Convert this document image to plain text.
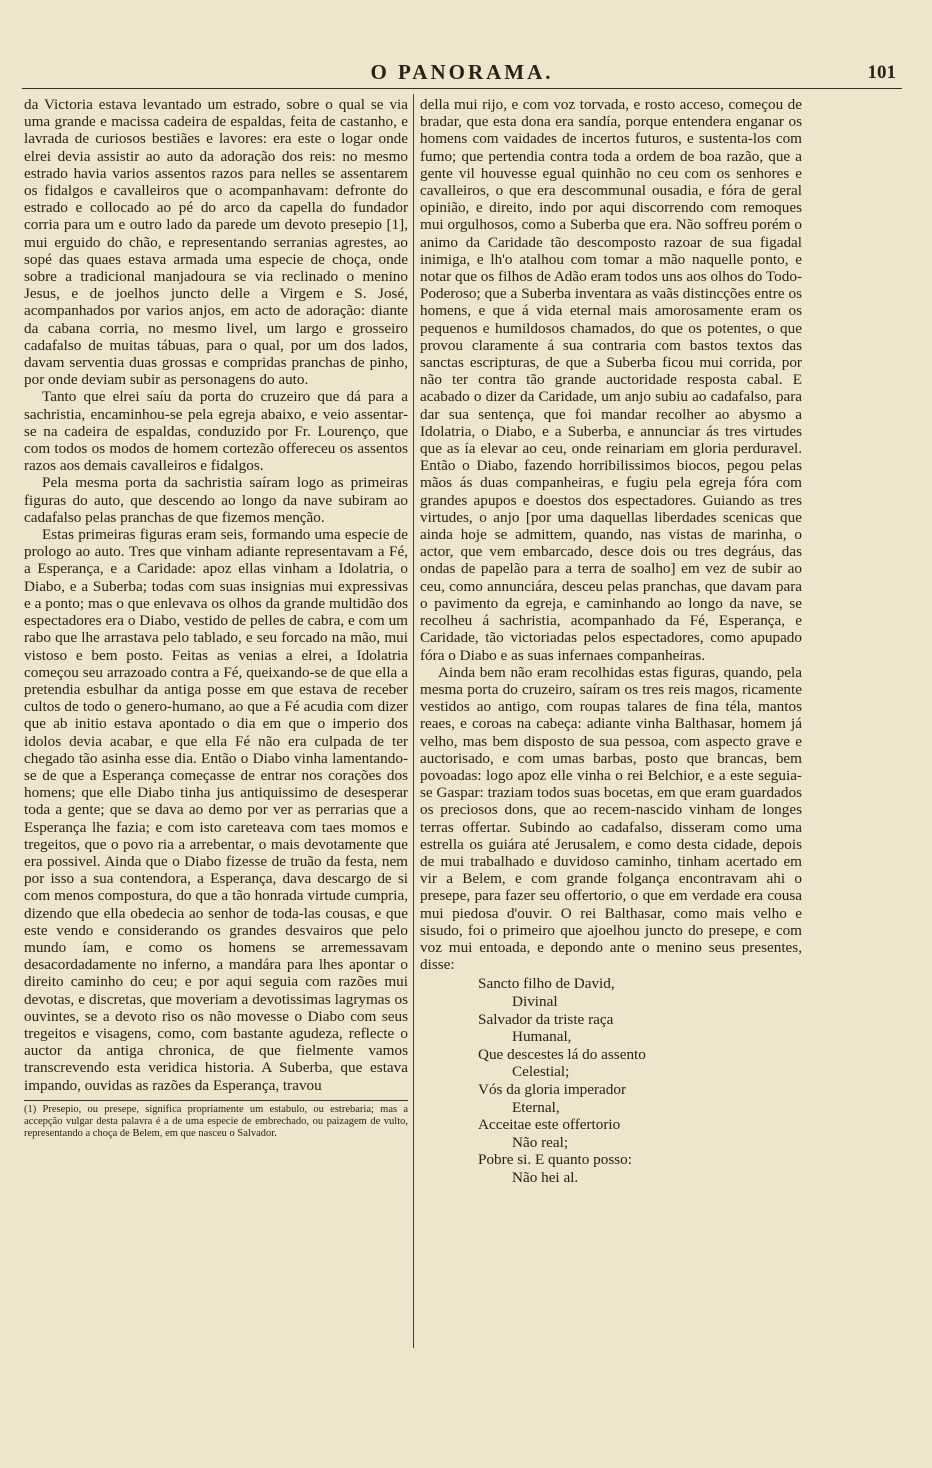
O PANORAMA.	101

da Victoria estava levantado um estrado, sobre o qual se via uma grande e macissa cadeira de espaldas, feita de castanho, e lavrada de curiosos bestiães e lavores: era este o logar onde elrei devia assistir ao auto da adoração dos reis: no mesmo estrado havia varios assentos razos para nelles se assentarem os fidalgos e cavalleiros que o acompanhavam: defronte do estrado e collocado ao pé do arco da capella do fundador corria para um e outro lado da parede um devoto presepio [1], mui erguido do chão, e representando serranias agrestes, ao sopé das quaes estava armada uma especie de choça, onde sobre a tradicional manjadoura se via reclinado o menino Jesus, e de joelhos juncto delle a Virgem e S. José, acompanhados por varios anjos, em acto de adoração: diante da cabana corria, no mesmo livel, um largo e grosseiro cadafalso de muitas tábuas, para o qual, por um dos lados, davam serventia duas grossas e compridas pranchas de pinho, por onde deviam subir as personagens do auto.

Tanto que elrei saíu da porta do cruzeiro que dá para a sachristia, encaminhou-se pela egreja abaixo, e veio assentar-se na cadeira de espaldas, conduzido por Fr. Lourenço, que com todos os modos de homem cortezão offereceu os assentos razos aos demais cavalleiros e fidalgos.

Pela mesma porta da sachristia saíram logo as primeiras figuras do auto, que descendo ao longo da nave subiram ao cadafalso pelas pranchas de que fizemos menção.

Estas primeiras figuras eram seis, formando uma especie de prologo ao auto. Tres que vinham adiante representavam a Fé, a Esperança, e a Caridade: apoz ellas vinham a Idolatria, o Diabo, e a Suberba; todas com suas insignias mui expressivas e a ponto; mas o que enlevava os olhos da grande multidão dos espectadores era o Diabo, vestido de pelles de cabra, e com um rabo que lhe arrastava pelo tablado, e seu forcado na mão, mui vistoso e bem posto. Feitas as venias a elrei, a Idolatria começou seu arrazoado contra a Fé, queixando-se de que ella a pretendia esbulhar da antiga posse em que estava de receber cultos de todo o genero-humano, ao que a Fé acudia com dizer que ab initio estava apontado o dia em que o imperio dos idolos devia acabar, e que ella Fé não era culpada de ter chegado tão asinha esse dia. Então o Diabo vinha lamentando-se de que a Esperança começasse de entrar nos corações dos homens; que elle Diabo tinha jus antiquissimo de desesperar toda a gente; que se dava ao demo por ver as perrarias que a Esperança lhe fazia; e com isto careteava com taes momos e tregeitos, que o povo ria a arrebentar, o mais devotamente que era possivel. Ainda que o Diabo fizesse de truão da festa, nem por isso a sua contendora, a Esperança, dava descargo de si com menos compostura, do que a tão honrada virtude cumpria, dizendo que ella obedecia ao senhor de toda-las cousas, e que este vendo e considerando os grandes desvairos que pelo mundo íam, e como os homens se arremessavam desacordadamente no inferno, a mandára para lhes apontar o direito caminho do ceu; e por aqui seguia com razões mui devotas, e discretas, que moveriam a devotissimas lagrymas os ouvintes, se a devoto riso os não movesse o Diabo com seus tregeitos e visagens, como, com bastante agudeza, reflecte o auctor da antiga chronica, de que fielmente vamos transcrevendo esta veridica historia. A Suberba, que estava impando, ouvidas as razões da Esperança, travou

(1) Presepio, ou presepe, significa propriamente um estabulo, ou estrebaria; mas a accepção vulgar desta palavra é a de uma especie de embrechado, ou paizagem de vulto, representando a choça de Belem, em que nasceu o Salvador.

della mui rijo, e com voz torvada, e rosto acceso, começou de bradar, que esta dona era sandía, porque entendera enganar os homens com vaidades de incertos futuros, e sustenta-los com fumo; que pertendia contra toda a ordem de boa razão, que a gente vil houvesse egual quinhão no ceu com os senhores e cavalleiros, o que era descommunal ousadia, e fóra de geral opinião, e direito, indo por aqui discorrendo com remoques mui orgulhosos, como a Suberba que era. Não soffreu porém o animo da Caridade tão descomposto razoar de sua figadal inimiga, e lh'o atalhou com tomar a mão naquelle ponto, e notar que os filhos de Adão eram todos uns aos olhos do Todo-Poderoso; que a Suberba inventara as vaãs distincções entre os homens, e que á vida eternal mais amorosamente eram os pequenos e humildosos chamados, do que os potentes, o que provou claramente á sua contraria com bastos textos das sanctas escripturas, de que a Suberba ficou mui corrida, por não ter contra tão grande auctoridade resposta cabal. E acabado o dizer da Caridade, um anjo subiu ao cadafalso, para dar sua sentença, que foi mandar recolher ao abysmo a Idolatria, o Diabo, e a Suberba, e annunciar ás tres virtudes que as ía elevar ao ceu, onde reinariam em gloria perduravel. Então o Diabo, fazendo horribilissimos biocos, pegou pelas mãos ás duas companheiras, e fugiu pela egreja fóra com grandes apupos e doestos dos espectadores. Guiando as tres virtudes, o anjo [por uma daquellas liberdades scenicas que ainda hoje se admittem, quando, nas vistas de marinha, o actor, que vem embarcado, desce dois ou tres degráus, das ondas de papelão para a terra de soalho] em vez de subir ao ceu, como annunciára, desceu pelas pranchas, que davam para o pavimento da egreja, e caminhando ao longo da nave, se recolheu á sachristia, acompanhado da Fé, Esperança, e Caridade, tão victoriadas pelos espectadores, como apupado fóra o Diabo e as suas infernaes companheiras.

Ainda bem não eram recolhidas estas figuras, quando, pela mesma porta do cruzeiro, saíram os tres reis magos, ricamente vestidos ao antigo, com roupas talares de fina téla, mantos reaes, e coroas na cabeça: adiante vinha Balthasar, homem já velho, mas bem disposto de sua pessoa, com aspecto grave e auctorisado, e com umas barbas, posto que brancas, bem povoadas: logo apoz elle vinha o rei Belchior, e a este seguia-se Gaspar: traziam todos suas bocetas, em que eram guardados os preciosos dons, que ao recem-nascido vinham de longes terras offertar. Subindo ao cadafalso, disseram como uma estrella os guiára até Jerusalem, e como desta cidade, depois de mui trabalhado e duvidoso caminho, tinham acertado em vir a Belem, e com grande folgança encontravam ahi o presepe, para fazer seu offertorio, o que em verdade era cousa mui piedosa d'ouvir. O rei Balthasar, como mais velho e sisudo, foi o primeiro que ajoelhou juncto do presepe, e com voz mui entoada, e depondo ante o menino seus presentes, disse:

Sancto filho de David,
Divinal
Salvador da triste raça
Humanal,
Que descestes lá do assento
Celestial;
Vós da gloria imperador
Eternal,
Acceitae este offertorio
Não real;
Pobre si. E quanto posso:
Não hei al.
